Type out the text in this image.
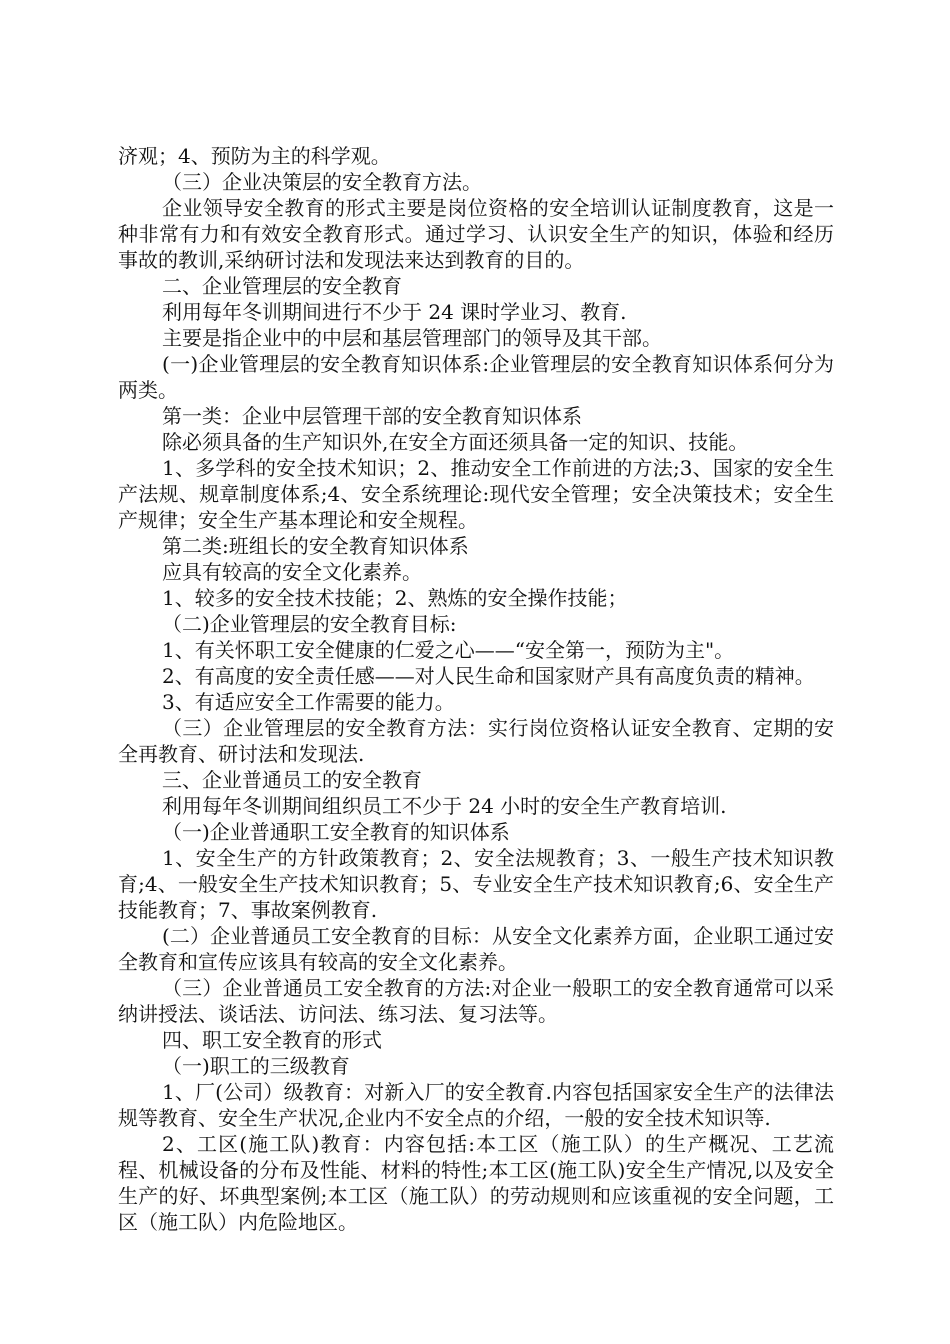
济观；4、预防为主的科学观。

（三）企业决策层的安全教育方法。

企业领导安全教育的形式主要是岗位资格的安全培训认证制度教育，这是一种非常有力和有效安全教育形式。通过学习、认识安全生产的知识，体验和经历事故的教训,采纳研讨法和发现法来达到教育的目的。

二、企业管理层的安全教育

利用每年冬训期间进行不少于 24 课时学业习、教育.

主要是指企业中的中层和基层管理部门的领导及其干部。

(一)企业管理层的安全教育知识体系:企业管理层的安全教育知识体系何分为两类。

第一类：企业中层管理干部的安全教育知识体系

除必须具备的生产知识外,在安全方面还须具备一定的知识、技能。

1、多学科的安全技术知识；2、推动安全工作前进的方法;3、国家的安全生产法规、规章制度体系;4、安全系统理论:现代安全管理；安全决策技术；安全生产规律；安全生产基本理论和安全规程。

第二类:班组长的安全教育知识体系

应具有较高的安全文化素养。

1、较多的安全技术技能；2、熟炼的安全操作技能；

（二)企业管理层的安全教育目标:

1、有关怀职工安全健康的仁爱之心——“安全第一，预防为主"。

2、有高度的安全责任感——对人民生命和国家财产具有高度负责的精神。

3、有适应安全工作需要的能力。

（三）企业管理层的安全教育方法：实行岗位资格认证安全教育、定期的安全再教育、研讨法和发现法.

三、企业普通员工的安全教育

利用每年冬训期间组织员工不少于 24 小时的安全生产教育培训.

（一)企业普通职工安全教育的知识体系

1、安全生产的方针政策教育；2、安全法规教育；3、一般生产技术知识教育;4、一般安全生产技术知识教育；5、专业安全生产技术知识教育;6、安全生产技能教育；7、事故案例教育.

(二）企业普通员工安全教育的目标：从安全文化素养方面，企业职工通过安全教育和宣传应该具有较高的安全文化素养。

（三）企业普通员工安全教育的方法:对企业一般职工的安全教育通常可以采纳讲授法、谈话法、访问法、练习法、复习法等。

四、职工安全教育的形式

（一)职工的三级教育

1、厂(公司）级教育：对新入厂的安全教育.内容包括国家安全生产的法律法规等教育、安全生产状况,企业内不安全点的介绍，一般的安全技术知识等.

2、工区(施工队)教育：内容包括:本工区（施工队）的生产概况、工艺流程、机械设备的分布及性能、材料的特性;本工区(施工队)安全生产情况,以及安全生产的好、坏典型案例;本工区（施工队）的劳动规则和应该重视的安全问题，工区（施工队）内危险地区。
